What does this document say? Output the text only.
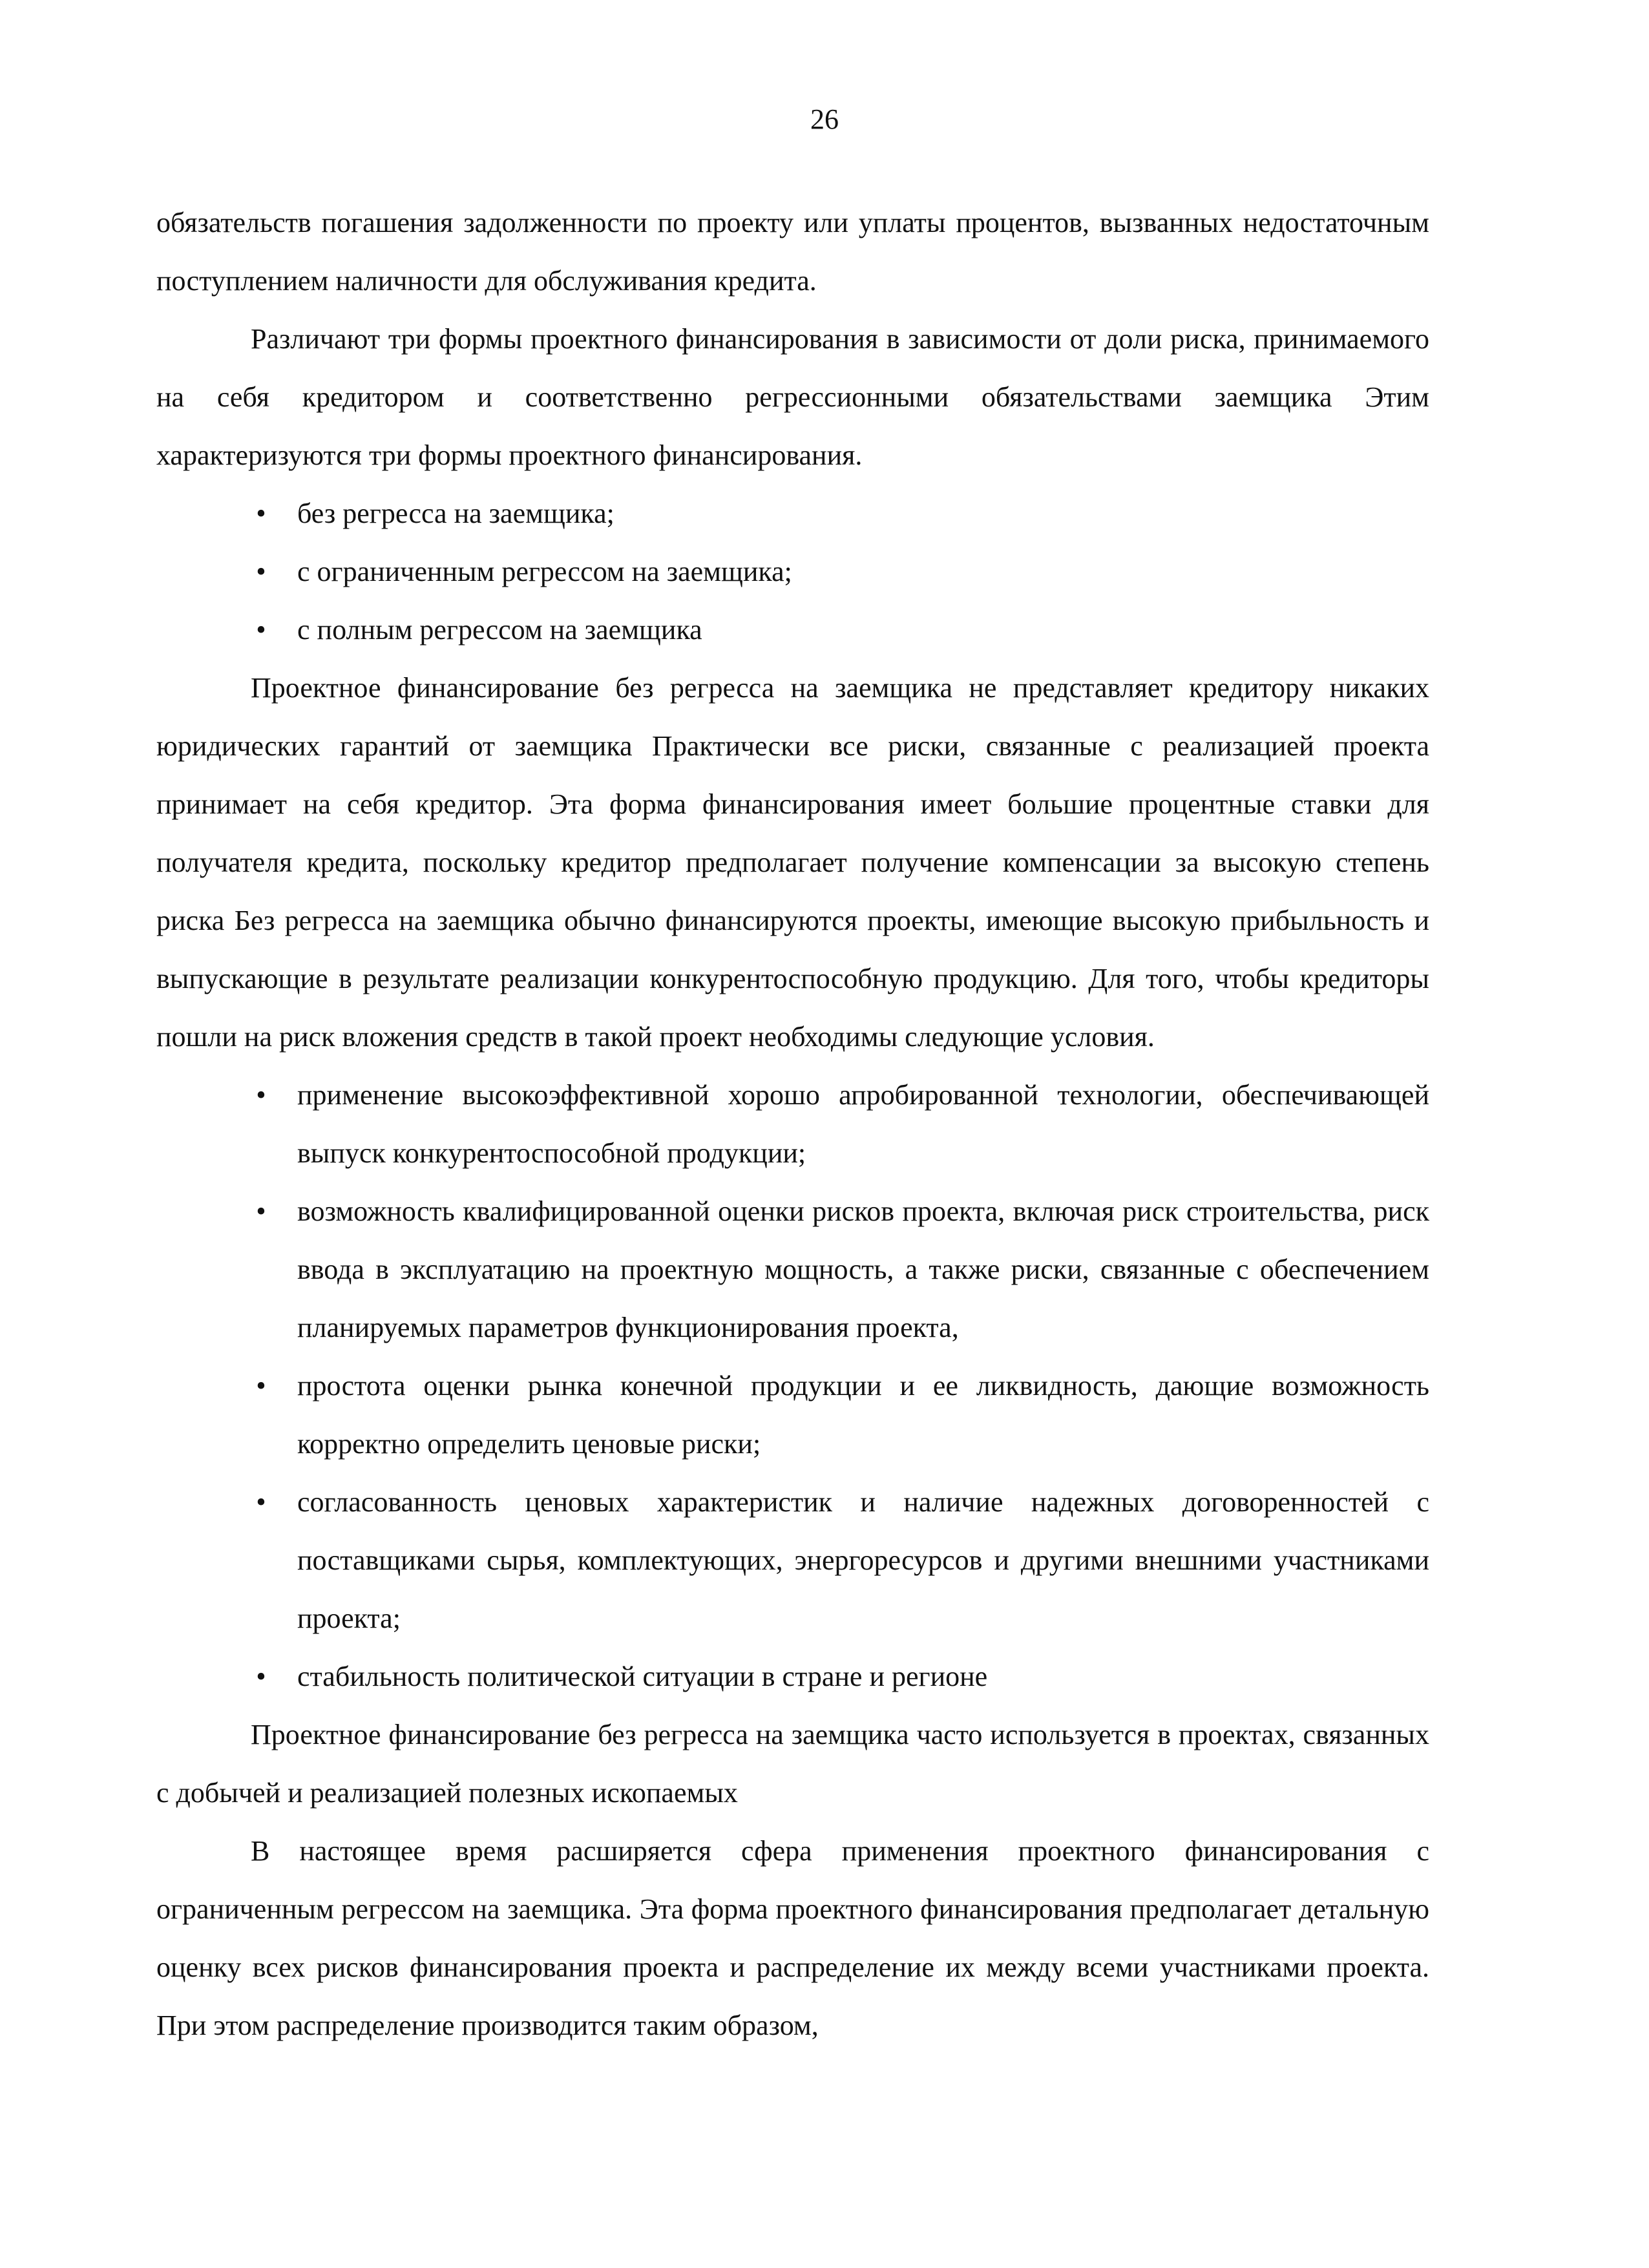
26

обязательств погашения задолженности по проекту или уплаты процентов, вызванных недостаточным поступлением наличности для обслуживания кредита.

Различают три формы проектного финансирования в зависимости от доли риска, принимаемого на себя кредитором и соответственно регрессионными обязательствами заемщика Этим характеризуются три формы проектного финансирования.

• без регресса на заемщика;
• с ограниченным регрессом на заемщика;
• с полным регрессом на заемщика

Проектное финансирование без регресса на заемщика не представляет кредитору никаких юридических гарантий от заемщика Практически все риски, связанные с реализацией проекта принимает на себя кредитор. Эта форма финансирования имеет большие процентные ставки для получателя кредита, поскольку кредитор предполагает получение компенсации за высокую степень риска Без регресса на заемщика обычно финансируются проекты, имеющие высокую прибыльность и выпускающие в результате реализации конкурентоспособную продукцию. Для того, чтобы кредиторы пошли на риск вложения средств в такой проект необходимы следующие условия.

• применение высокоэффективной хорошо апробированной технологии, обеспечивающей выпуск конкурентоспособной продукции;
• возможность квалифицированной оценки рисков проекта, включая риск строительства, риск ввода в эксплуатацию на проектную мощность, а также риски, связанные с обеспечением планируемых параметров функционирования проекта,
• простота оценки рынка конечной продукции и ее ликвидность, дающие возможность корректно определить ценовые риски;
• согласованность ценовых характеристик и наличие надежных договоренностей с поставщиками сырья, комплектующих, энергоресурсов и другими внешними участниками проекта;
• стабильность политической ситуации в стране и регионе

Проектное финансирование без регресса на заемщика часто используется в проектах, связанных с добычей и реализацией полезных ископаемых

В настоящее время расширяется сфера применения проектного финансирования с ограниченным регрессом на заемщика. Эта форма проектного финансирования предполагает детальную оценку всех рисков финансирования проекта и распределение их между всеми участниками проекта. При этом распределение производится таким образом,
